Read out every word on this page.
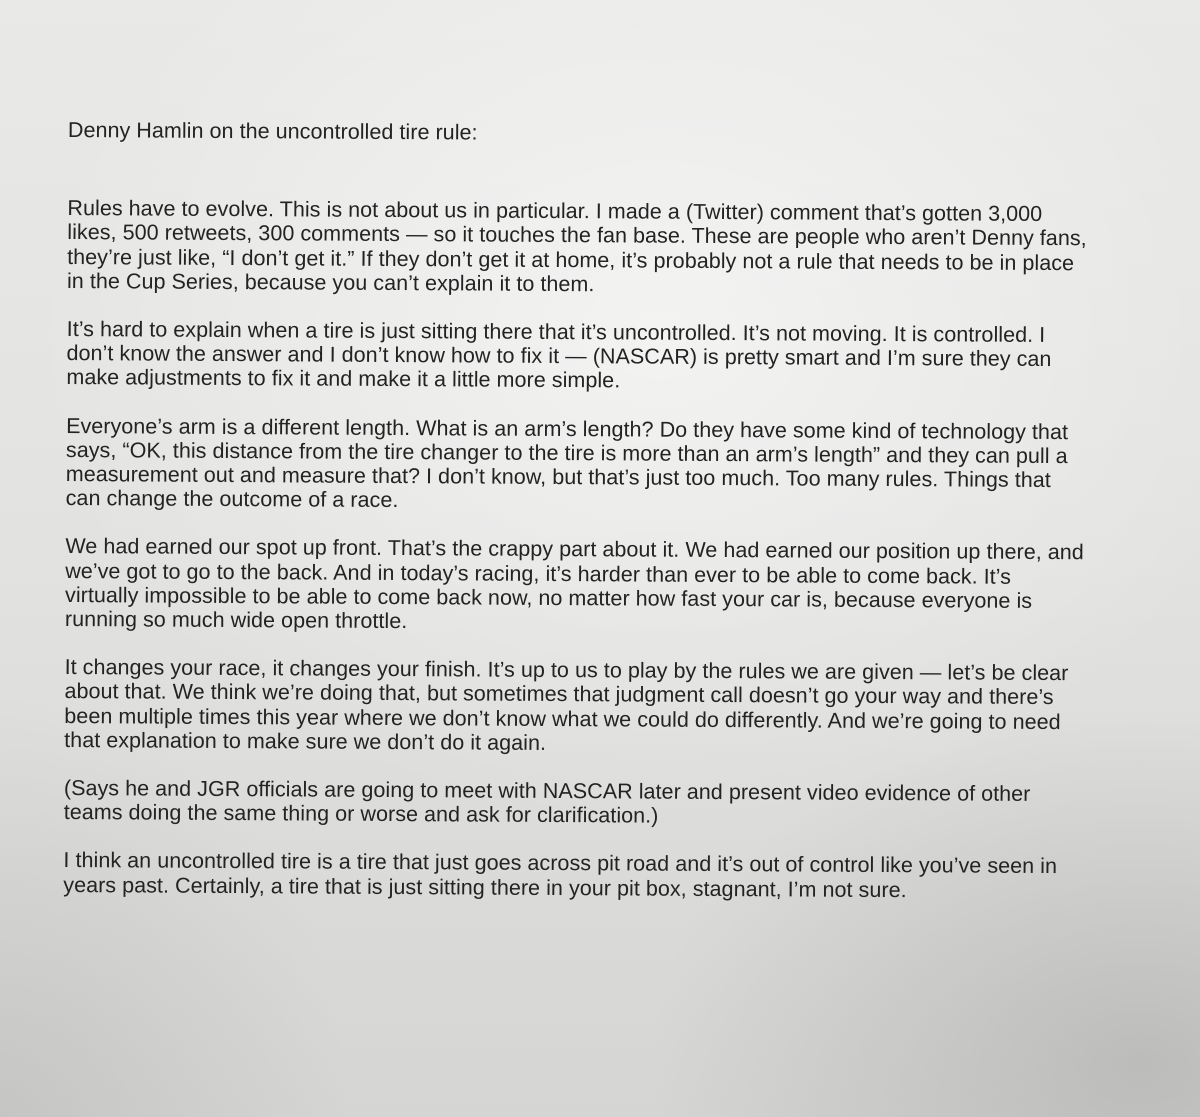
Denny Hamlin on the uncontrolled tire rule:

Rules have to evolve. This is not about us in particular. I made a (Twitter) comment that’s gotten 3,000 likes, 500 retweets, 300 comments — so it touches the fan base. These are people who aren’t Denny fans, they’re just like, “I don’t get it.” If they don’t get it at home, it’s probably not a rule that needs to be in place in the Cup Series, because you can’t explain it to them.

It’s hard to explain when a tire is just sitting there that it’s uncontrolled. It’s not moving. It is controlled. I don’t know the answer and I don’t know how to fix it — (NASCAR) is pretty smart and I’m sure they can make adjustments to fix it and make it a little more simple.

Everyone’s arm is a different length. What is an arm’s length? Do they have some kind of technology that says, “OK, this distance from the tire changer to the tire is more than an arm’s length” and they can pull a measurement out and measure that? I don’t know, but that’s just too much. Too many rules. Things that can change the outcome of a race.

We had earned our spot up front. That’s the crappy part about it. We had earned our position up there, and we’ve got to go to the back. And in today’s racing, it’s harder than ever to be able to come back. It’s virtually impossible to be able to come back now, no matter how fast your car is, because everyone is running so much wide open throttle.

It changes your race, it changes your finish. It’s up to us to play by the rules we are given — let’s be clear about that. We think we’re doing that, but sometimes that judgment call doesn’t go your way and there’s been multiple times this year where we don’t know what we could do differently. And we’re going to need that explanation to make sure we don’t do it again.

(Says he and JGR officials are going to meet with NASCAR later and present video evidence of other teams doing the same thing or worse and ask for clarification.)

I think an uncontrolled tire is a tire that just goes across pit road and it’s out of control like you’ve seen in years past. Certainly, a tire that is just sitting there in your pit box, stagnant, I’m not sure.
